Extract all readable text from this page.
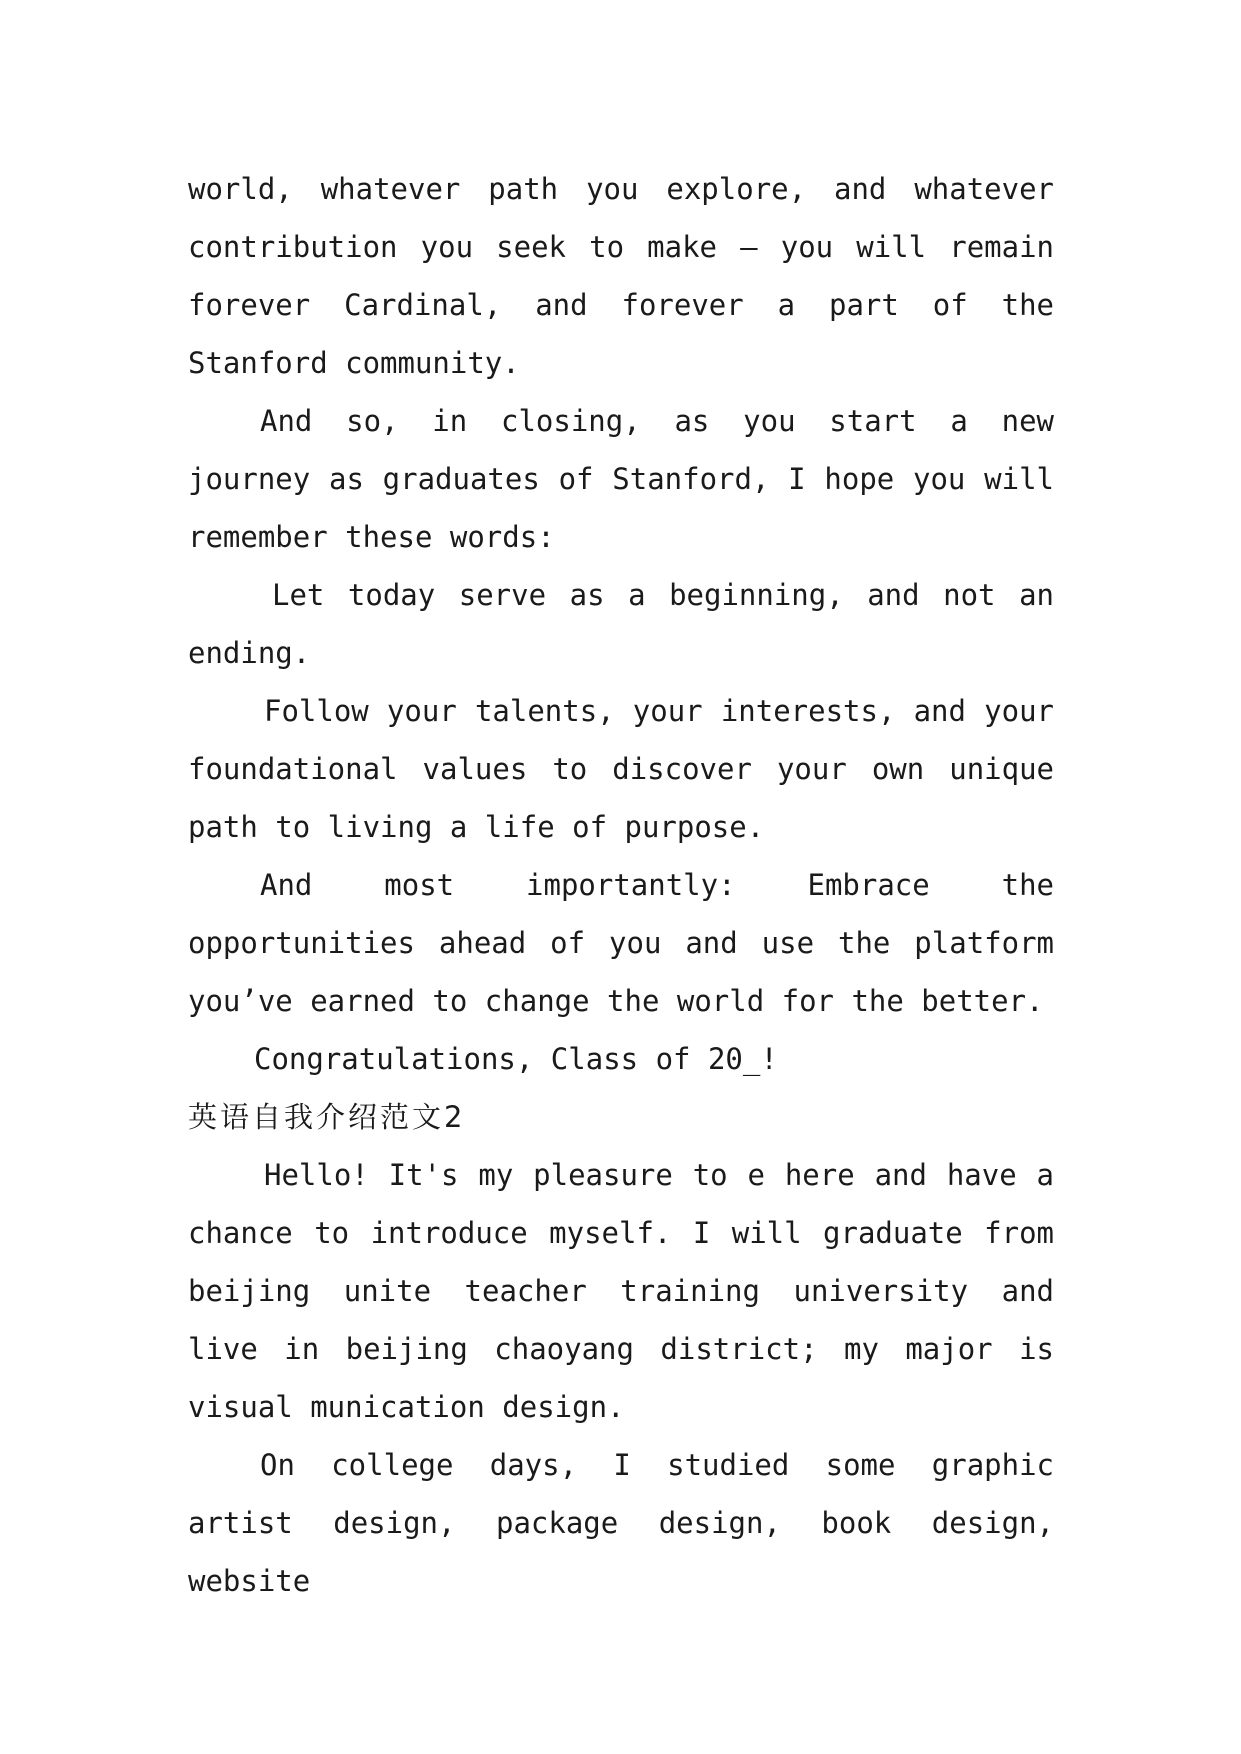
world, whatever path you explore, and whatever contribution you seek to make – you will remain forever Cardinal, and forever a part of the Stanford community.

And so, in closing, as you start a new journey as graduates of Stanford, I hope you will remember these words:

Let today serve as a beginning, and not an ending.

Follow your talents, your interests, and your foundational values to discover your own unique path to living a life of purpose.

And most importantly: Embrace the opportunities ahead of you and use the platform you’ve earned to change the world for the better.

Congratulations, Class of 20_!

英语自我介绍范文2

Hello! It's my pleasure to e here and have a chance to introduce myself. I will graduate from beijing unite teacher training university and live in beijing chaoyang district; my major is visual munication design.

On college days, I studied some graphic artist design, package design, book design, website
